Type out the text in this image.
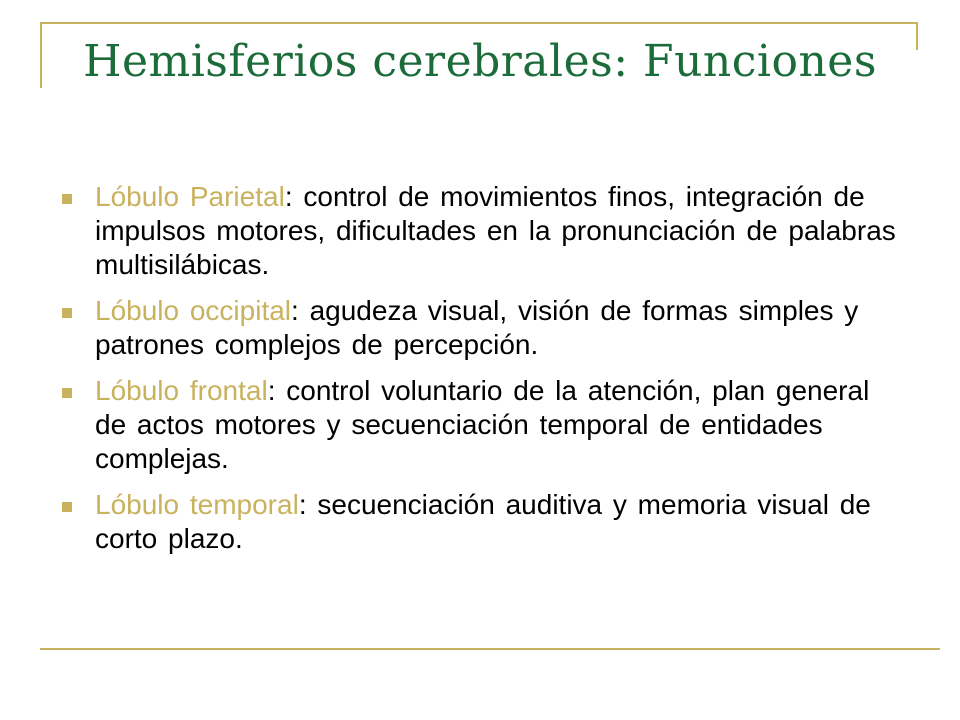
Hemisferios cerebrales: Funciones
Lóbulo Parietal: control de movimientos finos, integración de impulsos motores, dificultades en la pronunciación de palabras multisilábicas.
Lóbulo occipital: agudeza visual, visión de formas simples y patrones complejos de percepción.
Lóbulo frontal: control voluntario de la atención, plan general de actos motores y secuenciación temporal de entidades complejas.
Lóbulo temporal: secuenciación auditiva y memoria visual de corto plazo.
